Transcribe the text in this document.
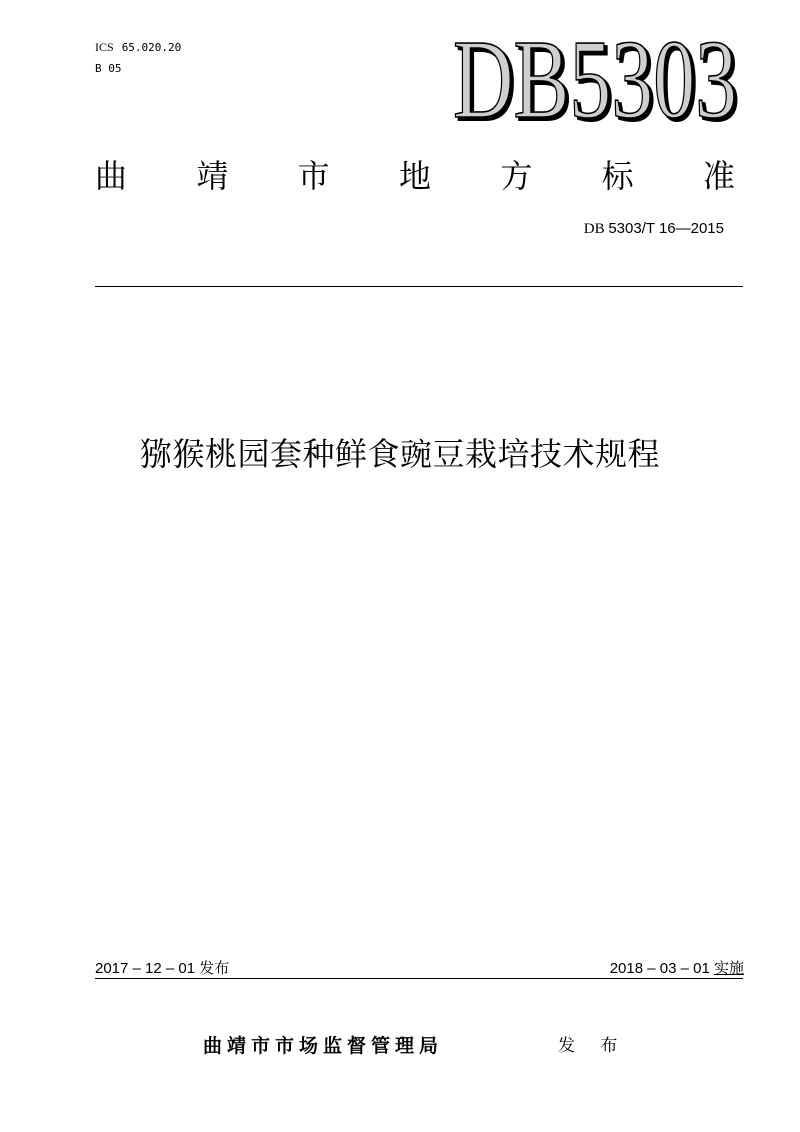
ICS 65.020.20
B 05	DB5303
DB5303
曲 靖 市 地 方 标 准
DB 5303/T 16—2015
猕猴桃园套种鲜食豌豆栽培技术规程
2017 – 12 – 01 发布	2018 – 03 – 01 实施
曲靖市市场监督管理局	发 布
